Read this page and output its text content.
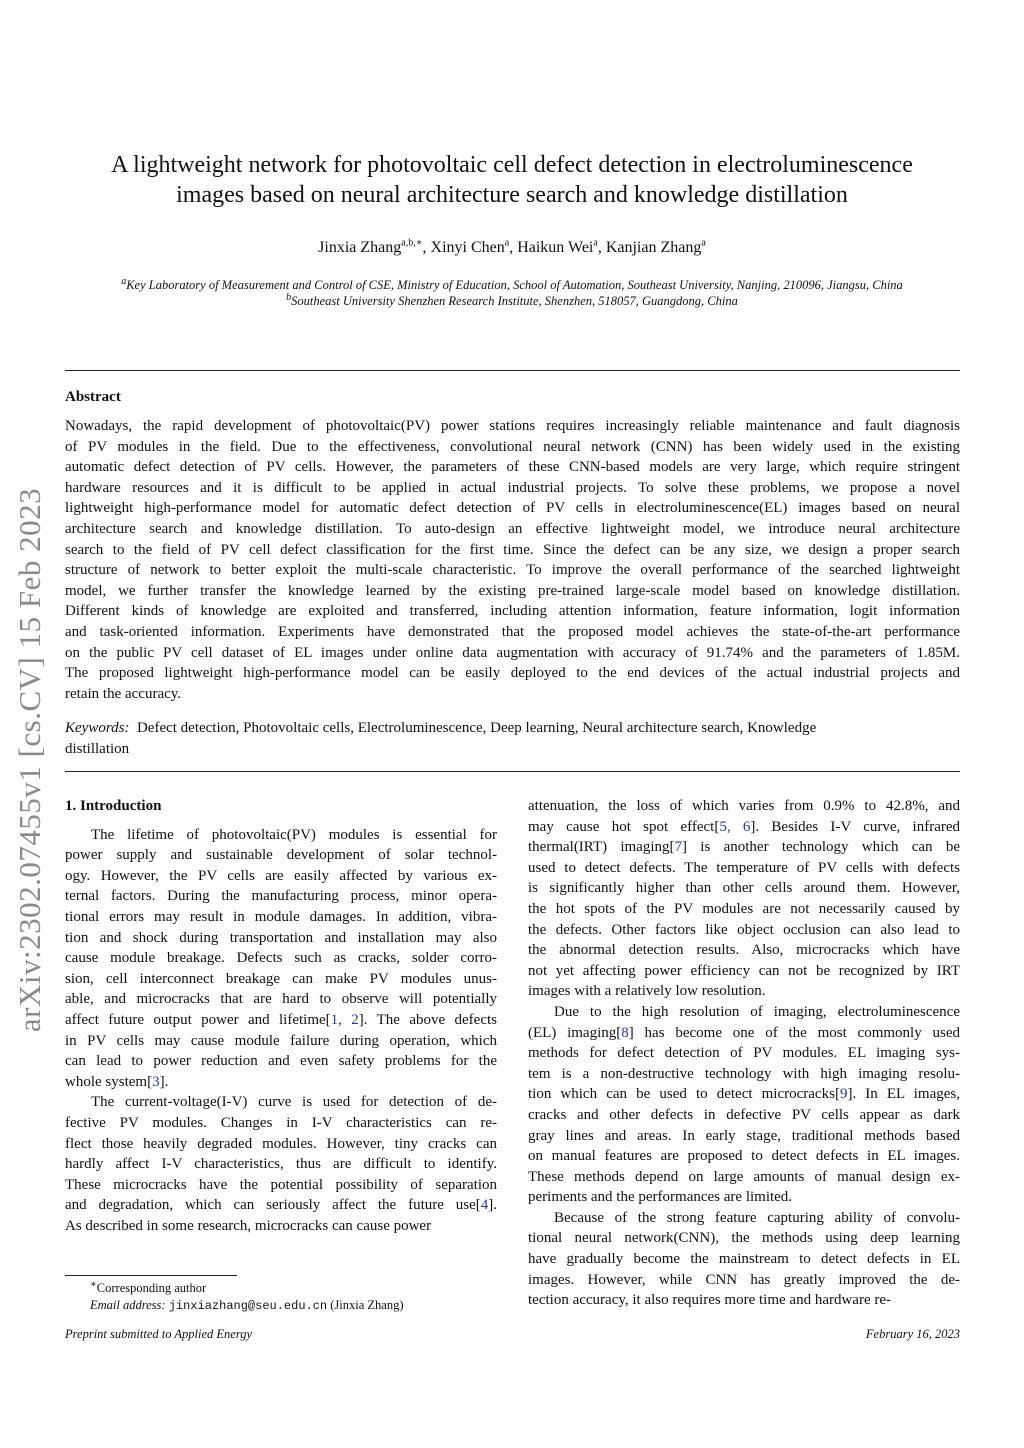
arXiv:2302.07455v1 [cs.CV] 15 Feb 2023
A lightweight network for photovoltaic cell defect detection in electroluminescence
images based on neural architecture search and knowledge distillation
Jinxia Zhang$^{a,b,∗}$, Xinyi Chen$^a$, Haikun Wei$^a$, Kanjian Zhang$^a$
$^a$Key Laboratory of Measurement and Control of CSE, Ministry of Education, School of Automation, Southeast University, Nanjing, 210096, Jiangsu, China
$^b$Southeast University Shenzhen Research Institute, Shenzhen, 518057, Guangdong, China
Abstract
Nowadays, the rapid development of photovoltaic(PV) power stations requires increasingly reliable maintenance and fault diagnosis
of PV modules in the field. Due to the effectiveness, convolutional neural network (CNN) has been widely used in the existing
automatic defect detection of PV cells. However, the parameters of these CNN-based models are very large, which require stringent
hardware resources and it is difficult to be applied in actual industrial projects. To solve these problems, we propose a novel
lightweight high-performance model for automatic defect detection of PV cells in electroluminescence(EL) images based on neural
architecture search and knowledge distillation. To auto-design an effective lightweight model, we introduce neural architecture
search to the field of PV cell defect classification for the first time. Since the defect can be any size, we design a proper search
structure of network to better exploit the multi-scale characteristic. To improve the overall performance of the searched lightweight
model, we further transfer the knowledge learned by the existing pre-trained large-scale model based on knowledge distillation.
Different kinds of knowledge are exploited and transferred, including attention information, feature information, logit information
and task-oriented information. Experiments have demonstrated that the proposed model achieves the state-of-the-art performance
on the public PV cell dataset of EL images under online data augmentation with accuracy of 91.74% and the parameters of 1.85M.
The proposed lightweight high-performance model can be easily deployed to the end devices of the actual industrial projects and
retain the accuracy.
Keywords: Defect detection, Photovoltaic cells, Electroluminescence, Deep learning, Neural architecture search, Knowledge
distillation
1. Introduction
The lifetime of photovoltaic(PV) modules is essential for
power supply and sustainable development of solar technol-
ogy. However, the PV cells are easily affected by various ex-
ternal factors. During the manufacturing process, minor opera-
tional errors may result in module damages. In addition, vibra-
tion and shock during transportation and installation may also
cause module breakage. Defects such as cracks, solder corro-
sion, cell interconnect breakage can make PV modules unus-
able, and microcracks that are hard to observe will potentially
affect future output power and lifetime[1, 2]. The above defects
in PV cells may cause module failure during operation, which
can lead to power reduction and even safety problems for the
whole system[3].
The current-voltage(I-V) curve is used for detection of de-
fective PV modules. Changes in I-V characteristics can re-
flect those heavily degraded modules. However, tiny cracks can
hardly affect I-V characteristics, thus are difficult to identify.
These microcracks have the potential possibility of separation
and degradation, which can seriously affect the future use[4].
As described in some research, microcracks can cause power
attenuation, the loss of which varies from 0.9% to 42.8%, and
may cause hot spot effect[5, 6]. Besides I-V curve, infrared
thermal(IRT) imaging[7] is another technology which can be
used to detect defects. The temperature of PV cells with defects
is significantly higher than other cells around them. However,
the hot spots of the PV modules are not necessarily caused by
the defects. Other factors like object occlusion can also lead to
the abnormal detection results. Also, microcracks which have
not yet affecting power efficiency can not be recognized by IRT
images with a relatively low resolution.
Due to the high resolution of imaging, electroluminescence
(EL) imaging[8] has become one of the most commonly used
methods for defect detection of PV modules. EL imaging sys-
tem is a non-destructive technology with high imaging resolu-
tion which can be used to detect microcracks[9]. In EL images,
cracks and other defects in defective PV cells appear as dark
gray lines and areas. In early stage, traditional methods based
on manual features are proposed to detect defects in EL images.
These methods depend on large amounts of manual design ex-
periments and the performances are limited.
Because of the strong feature capturing ability of convolu-
tional neural network(CNN), the methods using deep learning
have gradually become the mainstream to detect defects in EL
images. However, while CNN has greatly improved the de-
tection accuracy, it also requires more time and hardware re-
∗Corresponding author
Email address: jinxiazhang@seu.edu.cn (Jinxia Zhang)
Preprint submitted to Applied Energy	February 16, 2023
